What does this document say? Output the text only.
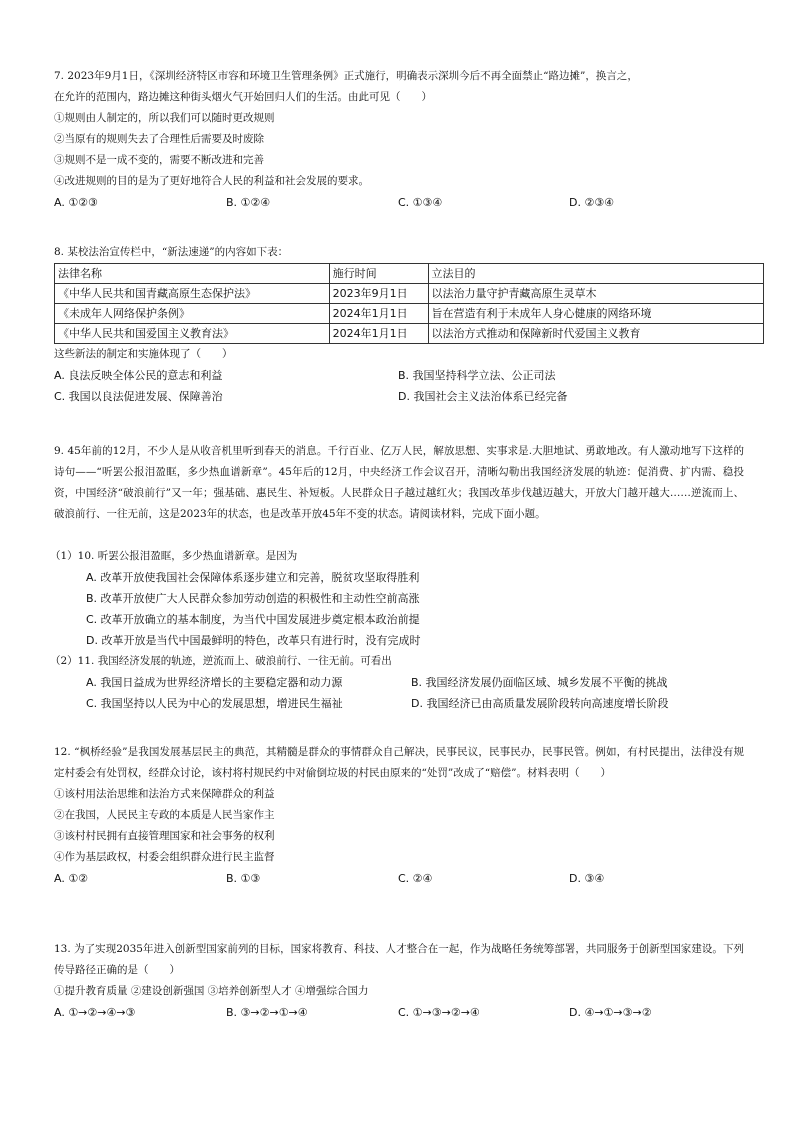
7. 2023年9月1日，《深圳经济特区市容和环境卫生管理条例》正式施行，明确表示深圳今后不再全面禁止“路边摊”，换言之，
在允许的范围内，路边摊这种街头烟火气开始回归人们的生活。由此可见（　　）
①规则由人制定的，所以我们可以随时更改规则
②当原有的规则失去了合理性后需要及时废除
③规则不是一成不变的，需要不断改进和完善
④改进规则的目的是为了更好地符合人民的利益和社会发展的要求。
A. ①②③	B. ①②④	C. ①③④	D. ②③④
8. 某校法治宣传栏中，“新法速递”的内容如下表：
法律名称	施行时间	立法目的
《中华人民共和国青藏高原生态保护法》	2023年9月1日	以法治力量守护青藏高原生灵草木
《未成年人网络保护条例》	2024年1月1日	旨在营造有利于未成年人身心健康的网络环境
《中华人民共和国爱国主义教育法》	2024年1月1日	以法治方式推动和保障新时代爱国主义教育
这些新法的制定和实施体现了（　　）
A. 良法反映全体公民的意志和利益	B. 我国坚持科学立法、公正司法
C. 我国以良法促进发展、保障善治	D. 我国社会主义法治体系已经完备
9. 45年前的12月，不少人是从收音机里听到春天的消息。千行百业、亿万人民，解放思想、实事求是.大胆地试、勇敢地改。有人激动地写下这样的诗句——“听罢公报泪盈眶，多少热血谱新章”。45年后的12月，中央经济工作会议召开，清晰勾勒出我国经济发展的轨迹：促消费、扩内需、稳投资，中国经济“破浪前行”又一年；强基础、惠民生、补短板。人民群众日子越过越红火；我国改革步伐越迈越大，开放大门越开越大……逆流而上、破浪前行、一往无前，这是2023年的状态，也是改革开放45年不变的状态。请阅读材料，完成下面小题。
（1）10. 听罢公报泪盈眶，多少热血谱新章。是因为
A. 改革开放使我国社会保障体系逐步建立和完善，脱贫攻坚取得胜利
B. 改革开放使广大人民群众参加劳动创造的积极性和主动性空前高涨
C. 改革开放确立的基本制度，为当代中国发展进步奠定根本政治前提
D. 改革开放是当代中国最鲜明的特色，改革只有进行时，没有完成时
（2）11. 我国经济发展的轨迹，逆流而上、破浪前行、一往无前。可看出
A. 我国日益成为世界经济增长的主要稳定器和动力源	B. 我国经济发展仍面临区域、城乡发展不平衡的挑战
C. 我国坚持以人民为中心的发展思想，增进民生福祉	D. 我国经济已由高质量发展阶段转向高速度增长阶段
12. “枫桥经验”是我国发展基层民主的典范，其精髓是群众的事情群众自己解决，民事民议，民事民办，民事民管。例如，有村民提出，法律没有规定村委会有处罚权，经群众讨论，该村将村规民约中对偷倒垃圾的村民由原来的“处罚”改成了“赔偿”。材料表明（　　）
①该村用法治思维和法治方式来保障群众的利益
②在我国，人民民主专政的本质是人民当家作主
③该村村民拥有直接管理国家和社会事务的权利
④作为基层政权，村委会组织群众进行民主监督
A. ①②	B. ①③	C. ②④	D. ③④
13. 为了实现2035年进入创新型国家前列的目标，国家将教育、科技、人才整合在一起，作为战略任务统筹部署，共同服务于创新型国家建设。下列传导路径正确的是（　　）
①提升教育质量 ②建设创新强国 ③培养创新型人才 ④增强综合国力
A. ①→②→④→③	B. ③→②→①→④	C. ①→③→②→④	D. ④→①→③→②
